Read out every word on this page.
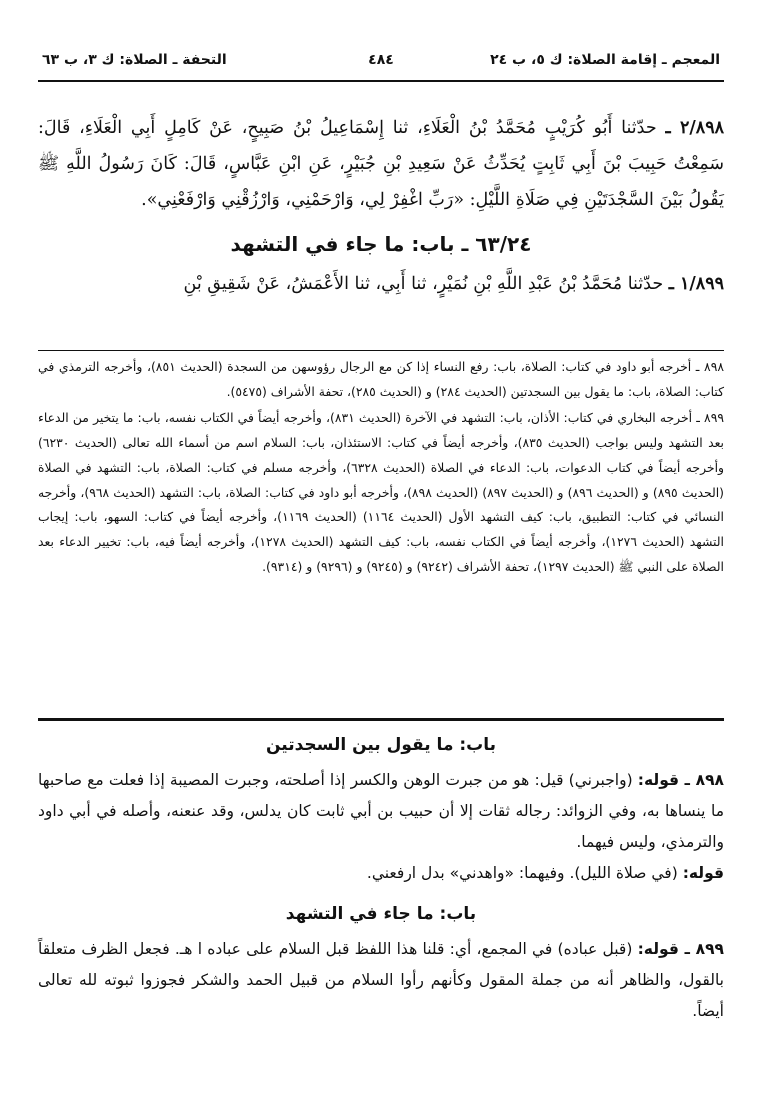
المعجم ـ إقامة الصلاة: ك ٥، ب ٢٤
٤٨٤
التحفة ـ الصلاة: ك ٣، ب ٦٣

٢/٨٩٨ ـ حدّثنا أَبُو كُرَيْبٍ مُحَمَّدُ بْنُ الْعَلَاءِ، ثنا إِسْمَاعِيلُ بْنُ صَبِيحٍ، عَنْ كَامِلٍ أَبِي الْعَلَاءِ، قَالَ: سَمِعْتُ حَبِيبَ بْنَ أَبِي ثَابِتٍ يُحَدِّثُ عَنْ سَعِيدِ بْنِ جُبَيْرٍ، عَنِ ابْنِ عَبَّاسٍ، قَالَ: كَانَ رَسُولُ اللَّهِ ﷺ يَقُولُ بَيْنَ السَّجْدَتَيْنِ فِي صَلَاةِ اللَّيْلِ: «رَبِّ اغْفِرْ لِي، وَارْحَمْنِي، وَارْزُقْنِي وَارْفَعْنِي».

٦٣/٢٤ ـ باب: ما جاء في التشهد

١/٨٩٩ ـ حدّثنا مُحَمَّدُ بْنُ عَبْدِ اللَّهِ بْنِ نُمَيْرٍ، ثنا أَبِي، ثنا الأَعْمَشُ، عَنْ شَقِيقِ بْنِ

٨٩٨ ـ أخرجه أبو داود في كتاب: الصلاة، باب: رفع النساء إذا كن مع الرجال رؤوسهن من السجدة (الحديث ٨٥١)، وأخرجه الترمذي في كتاب: الصلاة، باب: ما يقول بين السجدتين (الحديث ٢٨٤) و (الحديث ٢٨٥)، تحفة الأشراف (٥٤٧٥).

٨٩٩ ـ أخرجه البخاري في كتاب: الأذان، باب: التشهد في الآخرة (الحديث ٨٣١)، وأخرجه أيضاً في الكتاب نفسه، باب: ما يتخير من الدعاء بعد التشهد وليس بواجب (الحديث ٨٣٥)، وأخرجه أيضاً في كتاب: الاستئذان، باب: السلام اسم من أسماء الله تعالى (الحديث ٦٢٣٠) وأخرجه أيضاً في كتاب الدعوات، باب: الدعاء في الصلاة (الحديث ٦٣٢٨)، وأخرجه مسلم في كتاب: الصلاة، باب: التشهد في الصلاة (الحديث ٨٩٥) و (الحديث ٨٩٦) و (الحديث ٨٩٧) (الحديث ٨٩٨)، وأخرجه أبو داود في كتاب: الصلاة، باب: التشهد (الحديث ٩٦٨)، وأخرجه النسائي في كتاب: التطبيق، باب: كيف التشهد الأول (الحديث ١١٦٤) (الحديث ١١٦٩)، وأخرجه أيضاً في كتاب: السهو، باب: إيجاب التشهد (الحديث ١٢٧٦)، وأخرجه أيضاً في الكتاب نفسه، باب: كيف التشهد (الحديث ١٢٧٨)، وأخرجه أيضاً فيه، باب: تخيير الدعاء بعد الصلاة على النبي ﷺ (الحديث ١٢٩٧)، تحفة الأشراف (٩٢٤٢) و (٩٢٤٥) و (٩٢٩٦) و (٩٣١٤).

باب: ما يقول بين السجدتين

٨٩٨ ـ قوله: (واجبرني) قيل: هو من جبرت الوهن والكسر إذا أصلحته، وجبرت المصيبة إذا فعلت مع صاحبها ما ينساها به، وفي الزوائد: رجاله ثقات إلا أن حبيب بن أبي ثابت كان يدلس، وقد عنعنه، وأصله في أبي داود والترمذي، وليس فيهما.

قوله: (في صلاة الليل). وفيهما: «واهدني» بدل ارفعني.

باب: ما جاء في التشهد

٨٩٩ ـ قوله: (قبل عباده) في المجمع، أي: قلنا هذا اللفظ قبل السلام على عباده ا هـ. فجعل الظرف متعلقاً بالقول، والظاهر أنه من جملة المقول وكأنهم رأوا السلام من قبيل الحمد والشكر فجوزوا ثبوته لله تعالى أيضاً.
